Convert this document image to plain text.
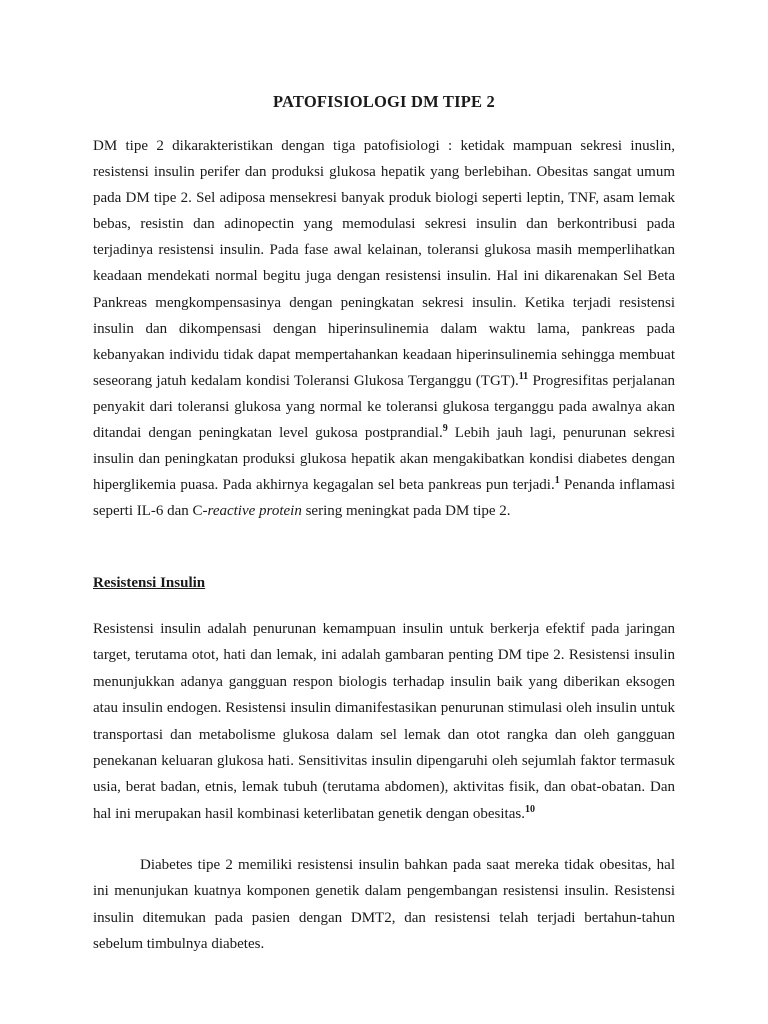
PATOFISIOLOGI DM TIPE 2

DM tipe 2 dikarakteristikan dengan tiga patofisiologi : ketidak mampuan sekresi inuslin, resistensi insulin perifer dan produksi glukosa hepatik yang berlebihan. Obesitas sangat umum pada DM tipe 2. Sel adiposa mensekresi banyak produk biologi seperti leptin, TNF, asam lemak bebas, resistin dan adinopectin yang memodulasi sekresi insulin dan berkontribusi pada terjadinya resistensi insulin. Pada fase awal kelainan, toleransi glukosa masih memperlihatkan keadaan mendekati normal begitu juga dengan resistensi insulin. Hal ini dikarenakan Sel Beta Pankreas mengkompensasinya dengan peningkatan sekresi insulin. Ketika terjadi resistensi insulin dan dikompensasi dengan hiperinsulinemia dalam waktu lama, pankreas pada kebanyakan individu tidak dapat mempertahankan keadaan hiperinsulinemia sehingga membuat seseorang jatuh kedalam kondisi Toleransi Glukosa Terganggu (TGT).$^{11}$ Progresifitas perjalanan penyakit dari toleransi glukosa yang normal ke toleransi glukosa terganggu pada awalnya akan ditandai dengan peningkatan level gukosa postprandial.$^9$ Lebih jauh lagi, penurunan sekresi insulin dan peningkatan produksi glukosa hepatik akan mengakibatkan kondisi diabetes dengan hiperglikemia puasa. Pada akhirnya kegagalan sel beta pankreas pun terjadi.$^1$ Penanda inflamasi seperti IL-6 dan C-reactive protein sering meningkat pada DM tipe 2.

Resistensi Insulin

Resistensi insulin adalah penurunan kemampuan insulin untuk berkerja efektif pada jaringan target, terutama otot, hati dan lemak, ini adalah gambaran penting DM tipe 2. Resistensi insulin menunjukkan adanya gangguan respon biologis terhadap insulin baik yang diberikan eksogen atau insulin endogen. Resistensi insulin dimanifestasikan penurunan stimulasi oleh insulin untuk transportasi dan metabolisme glukosa dalam sel lemak dan otot rangka dan oleh gangguan penekanan keluaran glukosa hati. Sensitivitas insulin dipengaruhi oleh sejumlah faktor termasuk usia, berat badan, etnis, lemak tubuh (terutama abdomen), aktivitas fisik, dan obat-obatan. Dan hal ini merupakan hasil kombinasi keterlibatan genetik dengan obesitas.$^{10}$

Diabetes tipe 2 memiliki resistensi insulin bahkan pada saat mereka tidak obesitas, hal ini menunjukan kuatnya komponen genetik dalam pengembangan resistensi insulin. Resistensi insulin ditemukan pada pasien dengan DMT2, dan resistensi telah terjadi bertahun-tahun sebelum timbulnya diabetes.
